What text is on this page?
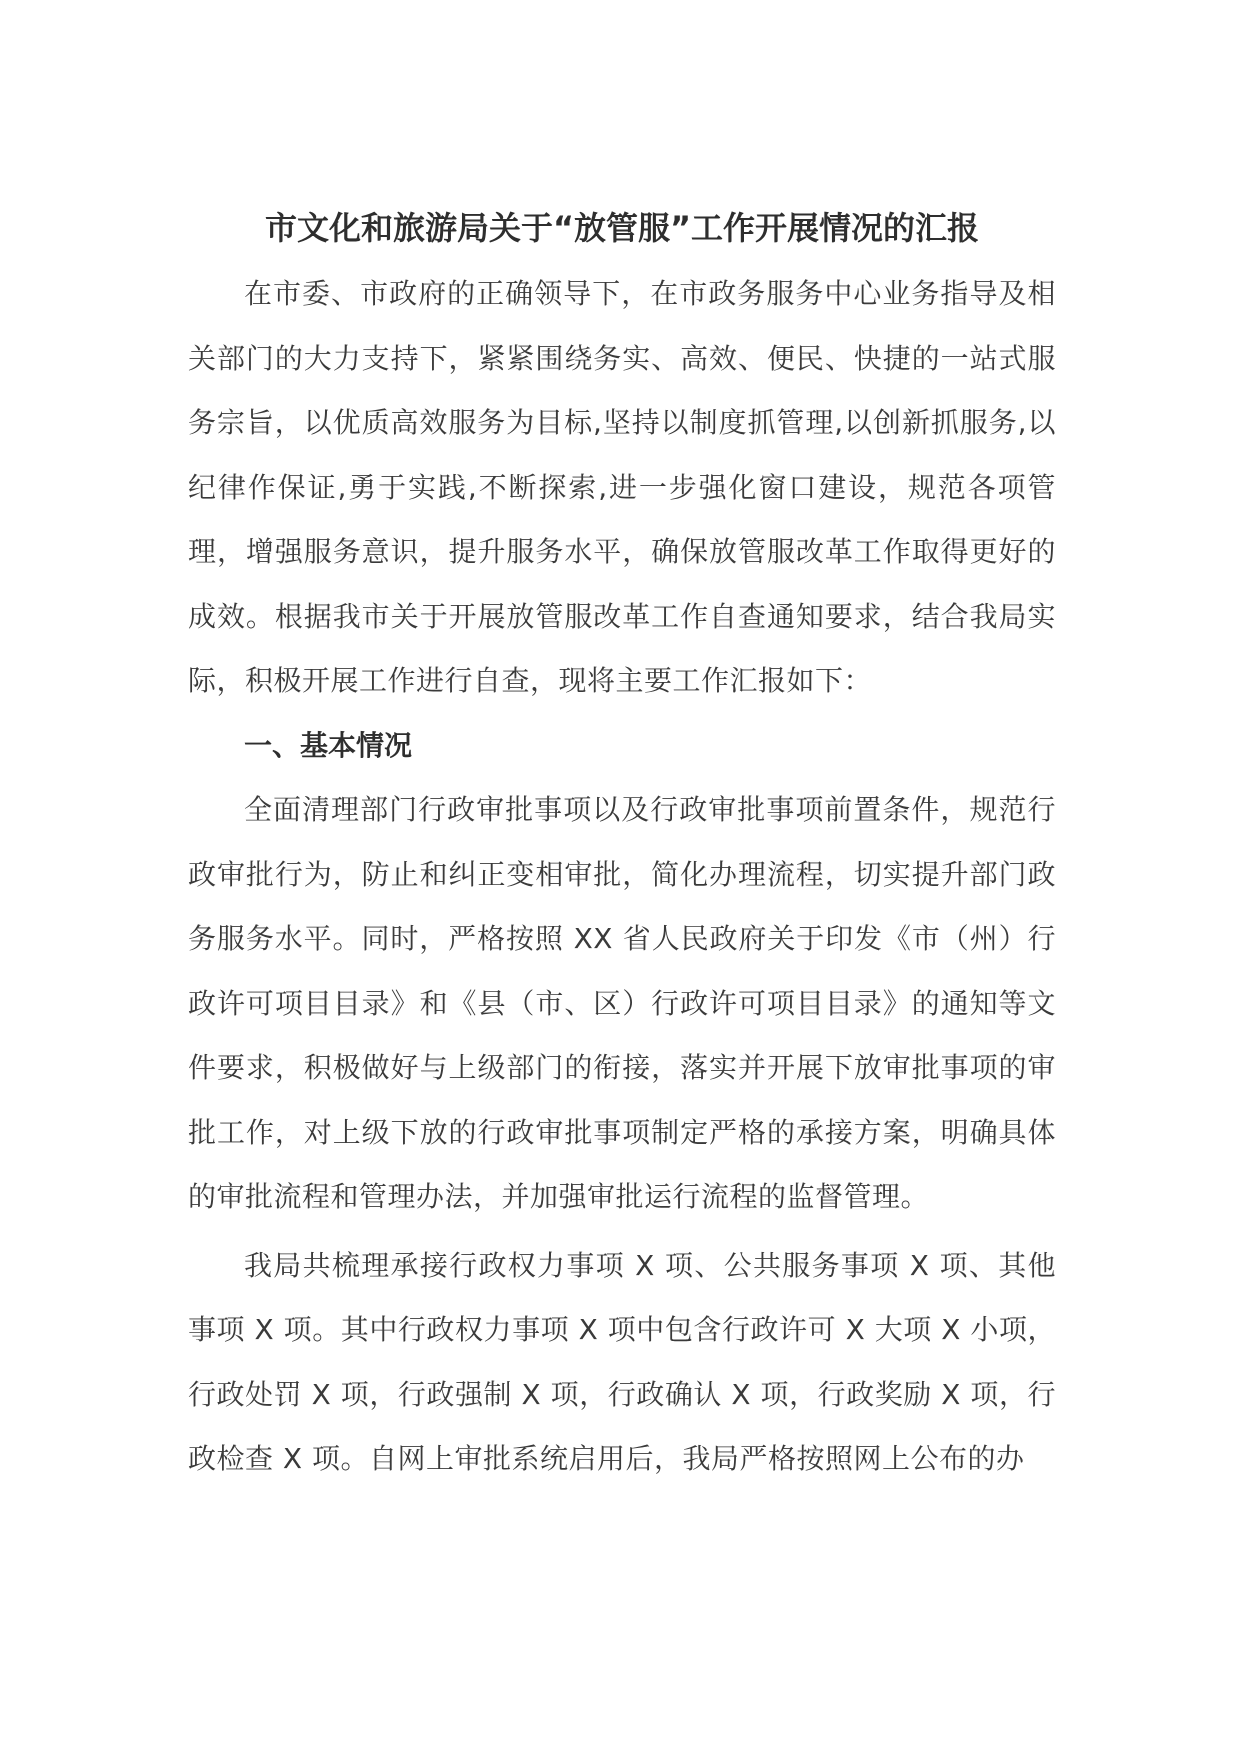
市文化和旅游局关于“放管服”工作开展情况的汇报

在市委、市政府的正确领导下，在市政务服务中心业务指导及相关部门的大力支持下，紧紧围绕务实、高效、便民、快捷的一站式服务宗旨，以优质高效服务为目标,坚持以制度抓管理,以创新抓服务,以纪律作保证,勇于实践,不断探索,进一步强化窗口建设，规范各项管理，增强服务意识，提升服务水平，确保放管服改革工作取得更好的成效。根据我市关于开展放管服改革工作自查通知要求，结合我局实际，积极开展工作进行自查，现将主要工作汇报如下：

一、基本情况

全面清理部门行政审批事项以及行政审批事项前置条件，规范行政审批行为，防止和纠正变相审批，简化办理流程，切实提升部门政务服务水平。同时，严格按照 XX 省人民政府关于印发《市（州）行政许可项目目录》和《县（市、区）行政许可项目目录》的通知等文件要求，积极做好与上级部门的衔接，落实并开展下放审批事项的审批工作，对上级下放的行政审批事项制定严格的承接方案，明确具体的审批流程和管理办法，并加强审批运行流程的监督管理。

我局共梳理承接行政权力事项 X 项、公共服务事项 X 项、其他事项 X 项。其中行政权力事项 X 项中包含行政许可 X 大项 X 小项，行政处罚 X 项，行政强制 X 项，行政确认 X 项，行政奖励 X 项，行政检查 X 项。自网上审批系统启用后，我局严格按照网上公布的办
